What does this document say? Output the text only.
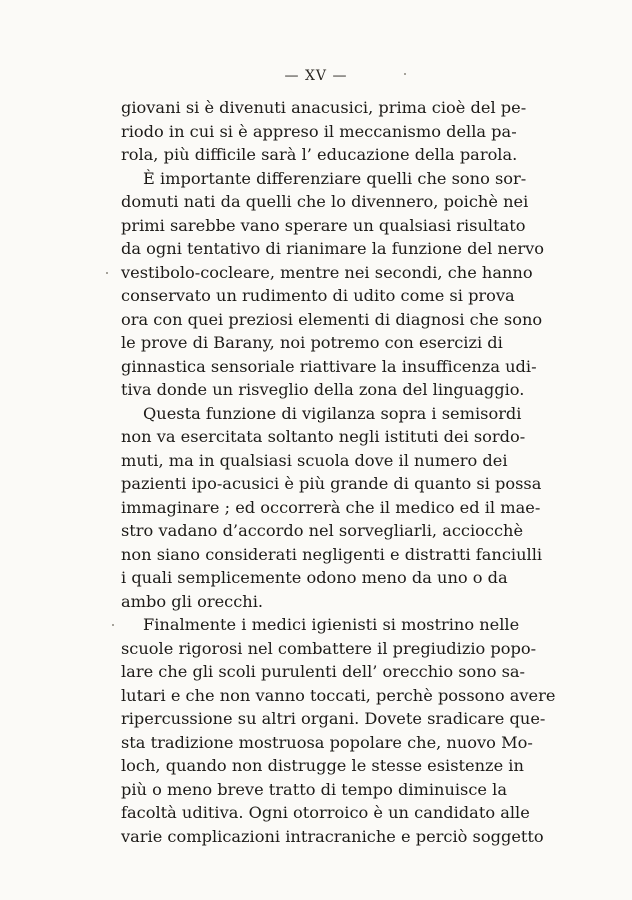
— XV —
giovani si è divenuti anacusici, prima cioè del pe-
riodo in cui si è appreso il meccanismo della pa-
rola, più difficile sarà l’ educazione della parola.
È importante differenziare quelli che sono sor-
domuti nati da quelli che lo divennero, poichè nei
primi sarebbe vano sperare un qualsiasi risultato
da ogni tentativo di rianimare la funzione del nervo
vestibolo-cocleare, mentre nei secondi, che hanno
conservato un rudimento di udito come si prova
ora con quei preziosi elementi di diagnosi che sono
le prove di Barany, noi potremo con esercizi di
ginnastica sensoriale riattivare la insufficenza udi-
tiva donde un risveglio della zona del linguaggio.
Questa funzione di vigilanza sopra i semisordi
non va esercitata soltanto negli istituti dei sordo-
muti, ma in qualsiasi scuola dove il numero dei
pazienti ipo-acusici è più grande di quanto si possa
immaginare ; ed occorrerà che il medico ed il mae-
stro vadano d’accordo nel sorvegliarli, acciocchè
non siano considerati negligenti e distratti fanciulli
i quali semplicemente odono meno da uno o da
ambo gli orecchi.
Finalmente i medici igienisti si mostrino nelle
scuole rigorosi nel combattere il pregiudizio popo-
lare che gli scoli purulenti dell’ orecchio sono sa-
lutari e che non vanno toccati, perchè possono avere
ripercussione su altri organi. Dovete sradicare que-
sta tradizione mostruosa popolare che, nuovo Mo-
loch, quando non distrugge le stesse esistenze in
più o meno breve tratto di tempo diminuisce la
facoltà uditiva. Ogni otorroico è un candidato alle
varie complicazioni intracraniche e perciò soggetto
